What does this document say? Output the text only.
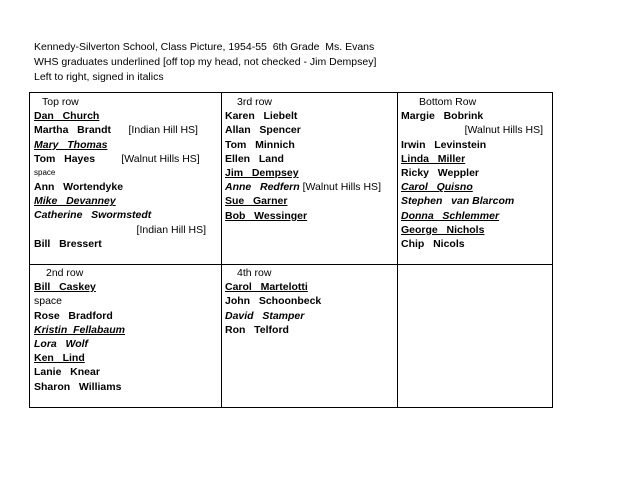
Kennedy-Silverton School, Class Picture, 1954-55  6th Grade  Ms. Evans
WHS graduates underlined [off top my head, not checked - Jim Dempsey]
Left to right, signed in italics
Top row
Dan   Church
Martha   Brandt      [Indian Hill HS]
Mary   Thomas
Tom   Hayes         [Walnut Hills HS]
space
Ann   Wortendyke
Mike   Devanney
Catherine   Swormstedt
[Indian Hill HS]
Bill   Bressert
3rd row
Karen   Liebelt
Allan   Spencer
Tom   Minnich
Ellen   Land
Jim   Dempsey
Anne   Redfern [Walnut Hills HS]
Sue   Garner
Bob   Wessinger
Bottom Row
Margie   Bobrink
[Walnut Hills HS]
Irwin   Levinstein
Linda   Miller
Ricky   Weppler
Carol   Quisno
Stephen   van Blarcom
Donna   Schlemmer
George   Nichols
Chip   Nicols
2nd row
Bill   Caskey
space
Rose   Bradford
Kristin  Fellabaum
Lora   Wolf
Ken   Lind
Lanie   Knear
Sharon   Williams
4th row
Carol   Martelotti
John   Schoonbeck
David   Stamper
Ron   Telford
